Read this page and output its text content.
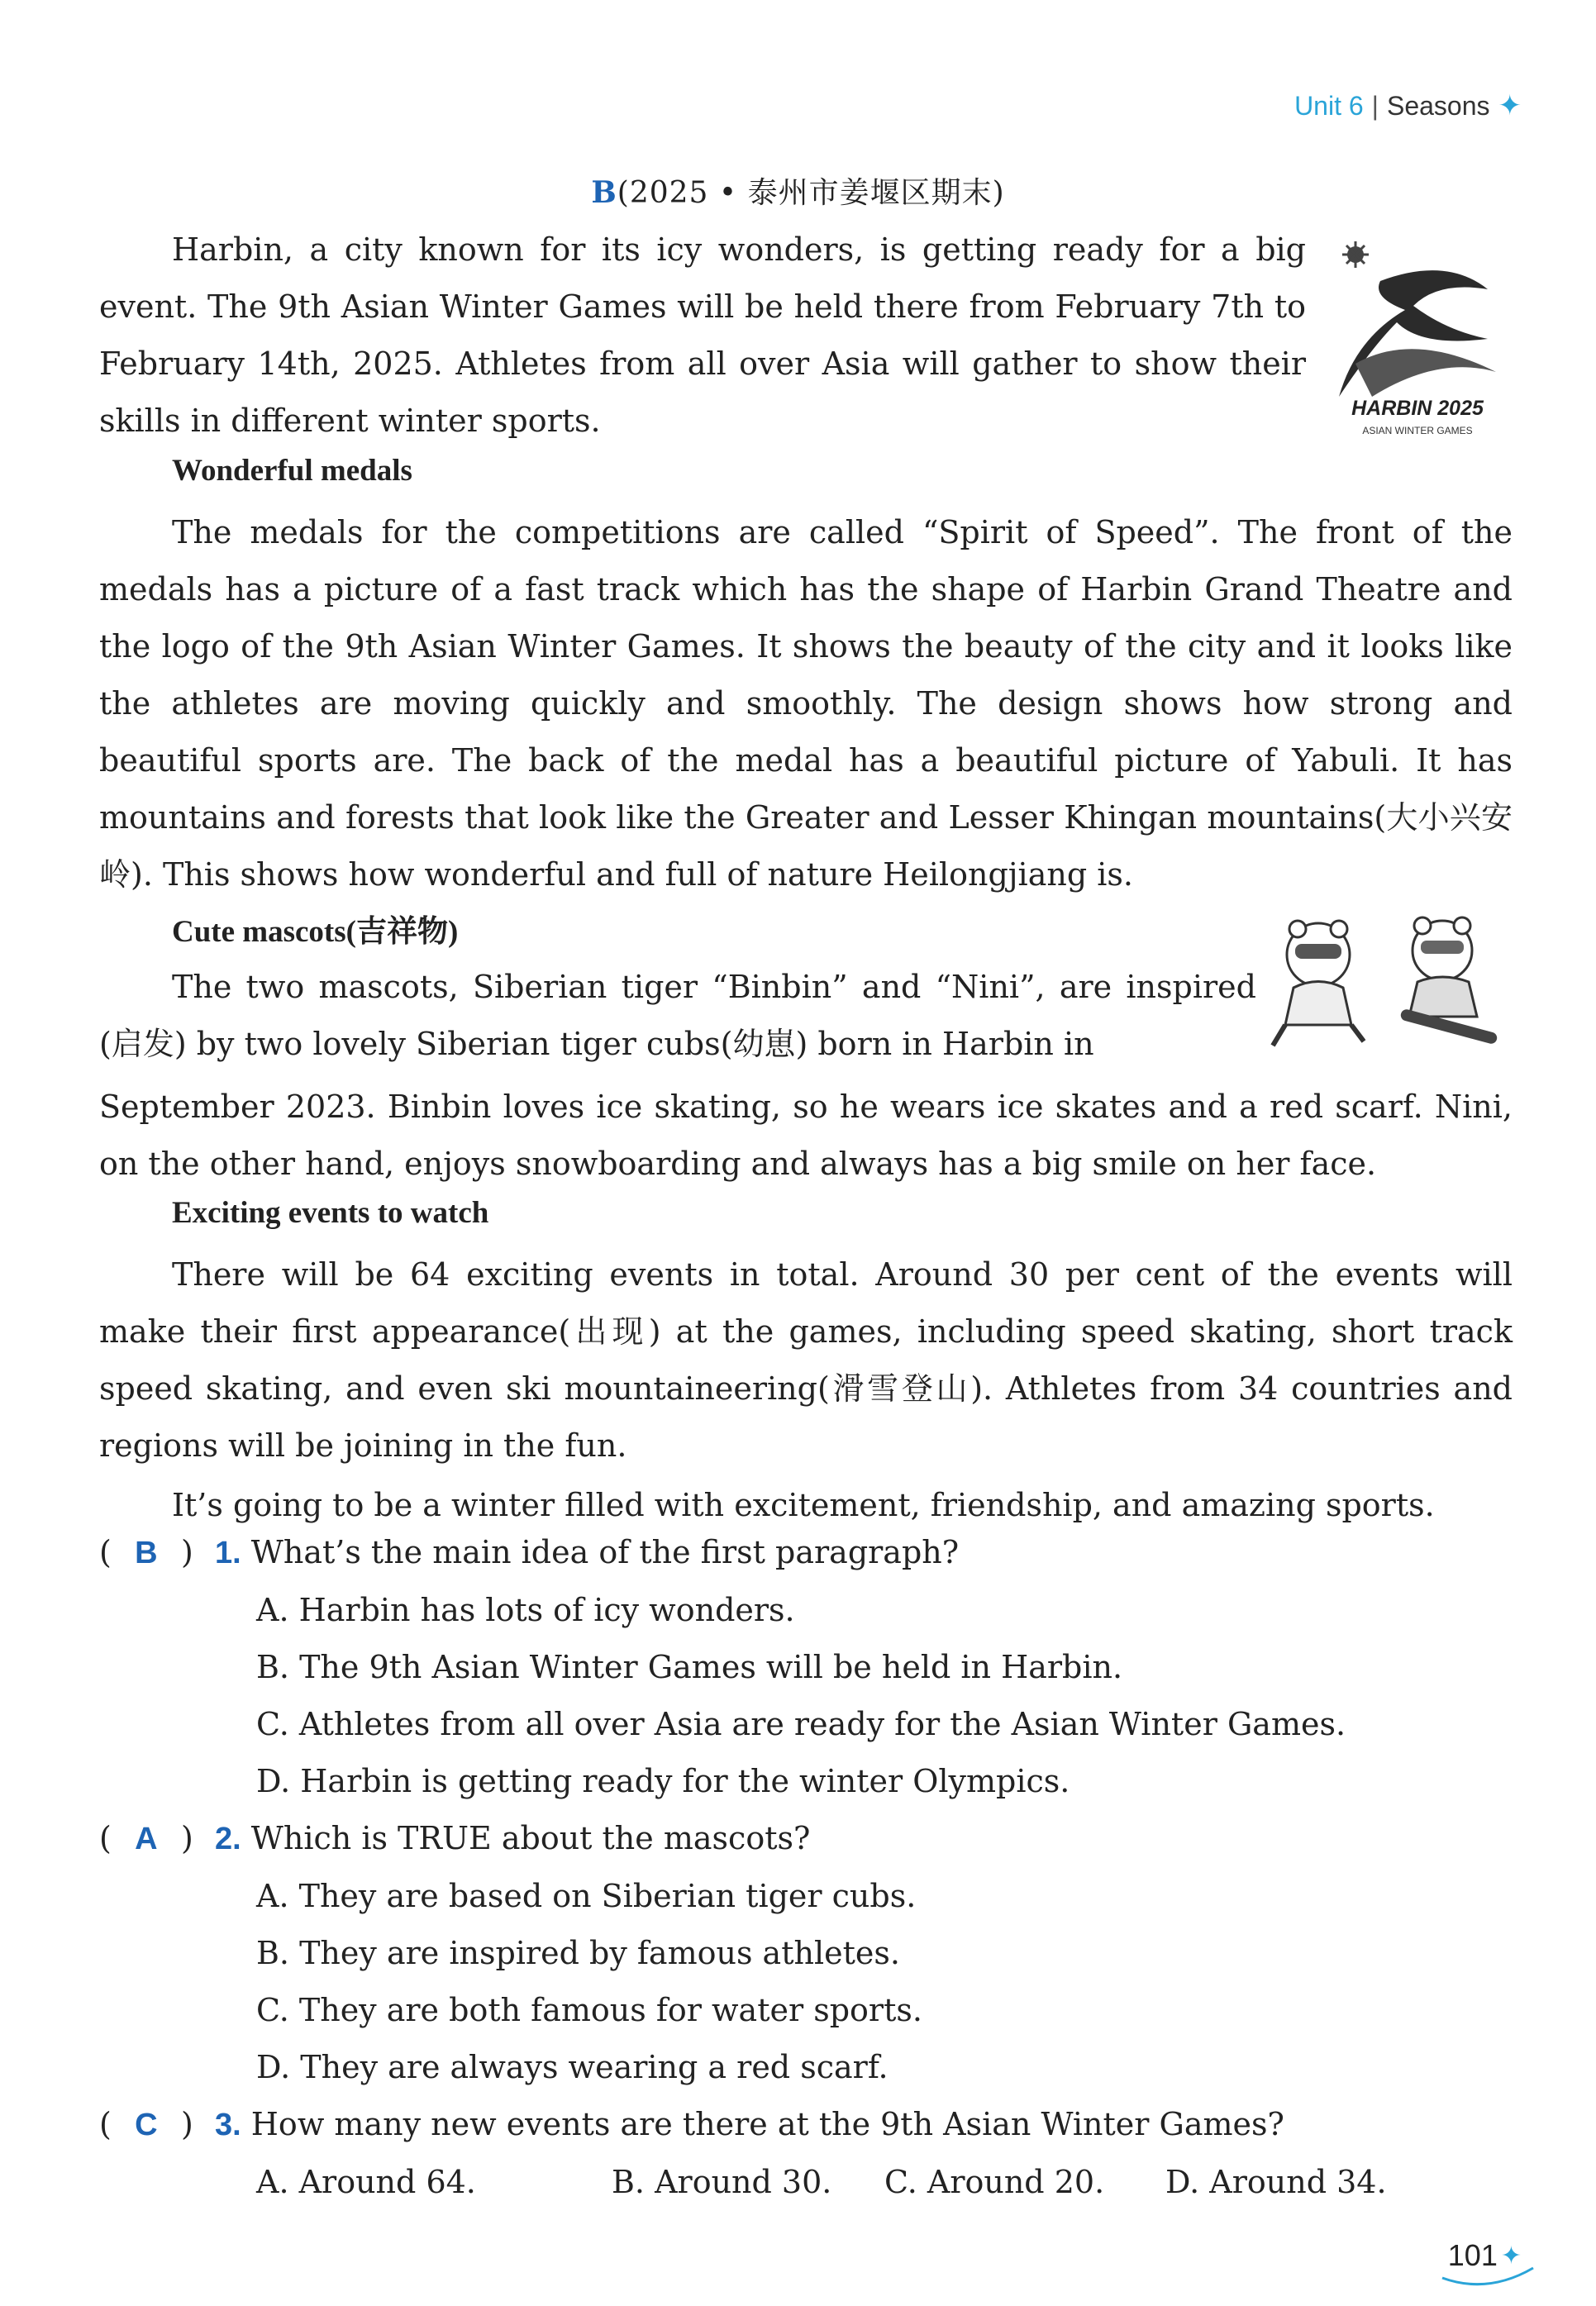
Unit 6 | Seasons ✦
B(2025 • 泰州市姜堰区期末)

Harbin, a city known for its icy wonders, is getting ready for a big event. The 9th Asian Winter Games will be held there from February 7th to February 14th, 2025. Athletes from all over Asia will gather to show their skills in different winter sports.	HARBIN 2025
ASIAN WINTER GAMES
Wonderful medals

The medals for the competitions are called “Spirit of Speed”. The front of the medals has a picture of a fast track which has the shape of Harbin Grand Theatre and the logo of the 9th Asian Winter Games. It shows the beauty of the city and it looks like the athletes are moving quickly and smoothly. The design shows how strong and beautiful sports are. The back of the medal has a beautiful picture of Yabuli. It has mountains and forests that look like the Greater and Lesser Khingan mountains(大小兴安岭). This shows how wonderful and full of nature Heilongjiang is.

Cute mascots(吉祥物)

The two mascots, Siberian tiger “Binbin” and “Nini”, are inspired (启发) by two lovely Siberian tiger cubs(幼崽) born in Harbin in

September 2023. Binbin loves ice skating, so he wears ice skates and a red scarf. Nini, on the other hand, enjoys snowboarding and always has a big smile on her face.

Exciting events to watch

There will be 64 exciting events in total. Around 30 per cent of the events will make their first appearance(出现) at the games, including speed skating, short track speed skating, and even ski mountaineering(滑雪登山). Athletes from 34 countries and regions will be joining in the fun.

It’s going to be a winter filled with excitement, friendship, and amazing sports.

( B ) 1. What’s the main idea of the first paragraph?
A. Harbin has lots of icy wonders.
B. The 9th Asian Winter Games will be held in Harbin.
C. Athletes from all over Asia are ready for the Asian Winter Games.
D. Harbin is getting ready for the winter Olympics.
( A ) 2. Which is TRUE about the mascots?
A. They are based on Siberian tiger cubs.
B. They are inspired by famous athletes.
C. They are both famous for water sports.
D. They are always wearing a red scarf.
( C ) 3. How many new events are there at the 9th Asian Winter Games?
A. Around 64.	B. Around 30.	C. Around 20.	D. Around 34.
101 ✦
